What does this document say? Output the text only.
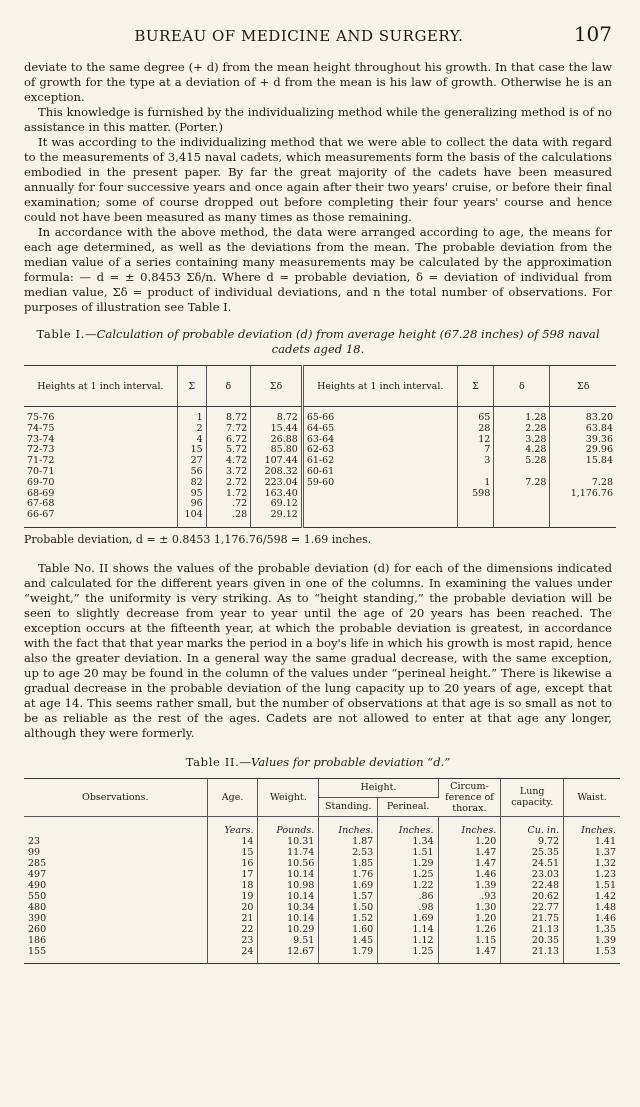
BUREAU OF MEDICINE AND SURGERY.	107

deviate to the same degree (+ d) from the mean height throughout his growth. In that case the law of growth for the type at a deviation of + d from the mean is his law of growth. Otherwise he is an exception.

This knowledge is furnished by the individualizing method while the generalizing method is of no assistance in this matter. (Porter.)

It was according to the individualizing method that we were able to collect the data with regard to the measurements of 3,415 naval cadets, which measurements form the basis of the calculations embodied in the present paper. By far the great majority of the cadets have been measured annually for four successive years and once again after their two years' cruise, or before their final examination; some of course dropped out before completing their four years' course and hence could not have been measured as many times as those remaining.

In accordance with the above method, the data were arranged according to age, the means for each age determined, as well as the deviations from the mean. The probable deviation from the median value of a series containing many measurements may be calculated by the approximation formula: — d = ± 0.8453 Σδ/n. Where d = probable deviation, δ = deviation of individual from median value, Σδ = product of individual deviations, and n the total number of observations. For purposes of illustration see Table I.

Table I.—Calculation of probable deviation (d) from average height (67.28 inches) of 598 naval cadets aged 18.
Heights at 1 inch interval.	Σ	δ	Σδ	Heights at 1 inch interval.	Σ	δ	Σδ

75-76	1	8.72	8.72	65-66	65	1.28	83.20
74-75	2	7.72	15.44	64-65	28	2.28	63.84
73-74	4	6.72	26.88	63-64	12	3.28	39.36
72-73	15	5.72	85.80	62-63	7	4.28	29.96
71-72	27	4.72	107.44	61-62	3	5.28	15.84
70-71	56	3.72	208.32	60-61			
69-70	82	2.72	223.04	59-60	1	7.28	7.28
68-69	95	1.72	163.40		598		1,176.76
67-68	96	.72	69.12				
66-67	104	.28	29.12				

Probable deviation, d = ± 0.8453 1,176.76/598 = 1.69 inches.

Table No. II shows the values of the probable deviation (d) for each of the dimensions indicated and calculated for the different years given in one of the columns. In examining the values under “weight,” the uniformity is very striking. As to “height standing,” the probable deviation will be seen to slightly decrease from year to year until the age of 20 years has been reached. The exception occurs at the fifteenth year, at which the probable deviation is greatest, in accordance with the fact that that year marks the period in a boy's life in which his growth is most rapid, hence also the greater deviation. In a general way the same gradual decrease, with the same exception, up to age 20 may be found in the column of the values under “perineal height.” There is likewise a gradual decrease in the probable deviation of the lung capacity up to 20 years of age, except that at age 14. This seems rather small, but the number of observations at that age is so small as not to be as reliable as the rest of the ages. Cadets are not allowed to enter at that age any longer, although they were formerly.

Table II.—Values for probable deviation “d.”
Observations.	Age.	Weight.	Height.		Circum-ference of thorax.	Lung capacity.	Waist.
			Standing.	Perineal.			
	Years.	Pounds.	Inches.	Inches.	Inches.	Cu. in.	Inches.
23	14	10.31	1.87	1.34	1.20	9.72	1.41
99	15	11.74	2.53	1.51	1.47	25.35	1.37
285	16	10.56	1.85	1.29	1.47	24.51	1.32
497	17	10.14	1.76	1.25	1.46	23.03	1.23
490	18	10.98	1.69	1.22	1.39	22.48	1.51
550	19	10.14	1.57	.86	.93	20.62	1.42
480	20	10.34	1.50	.98	1.30	22.77	1.48
390	21	10.14	1.52	1.69	1.20	21.75	1.46
260	22	10.29	1.60	1.14	1.26	21.13	1.35
186	23	9.51	1.45	1.12	1.15	20.35	1.39
155	24	12.67	1.79	1.25	1.47	21.13	1.53
